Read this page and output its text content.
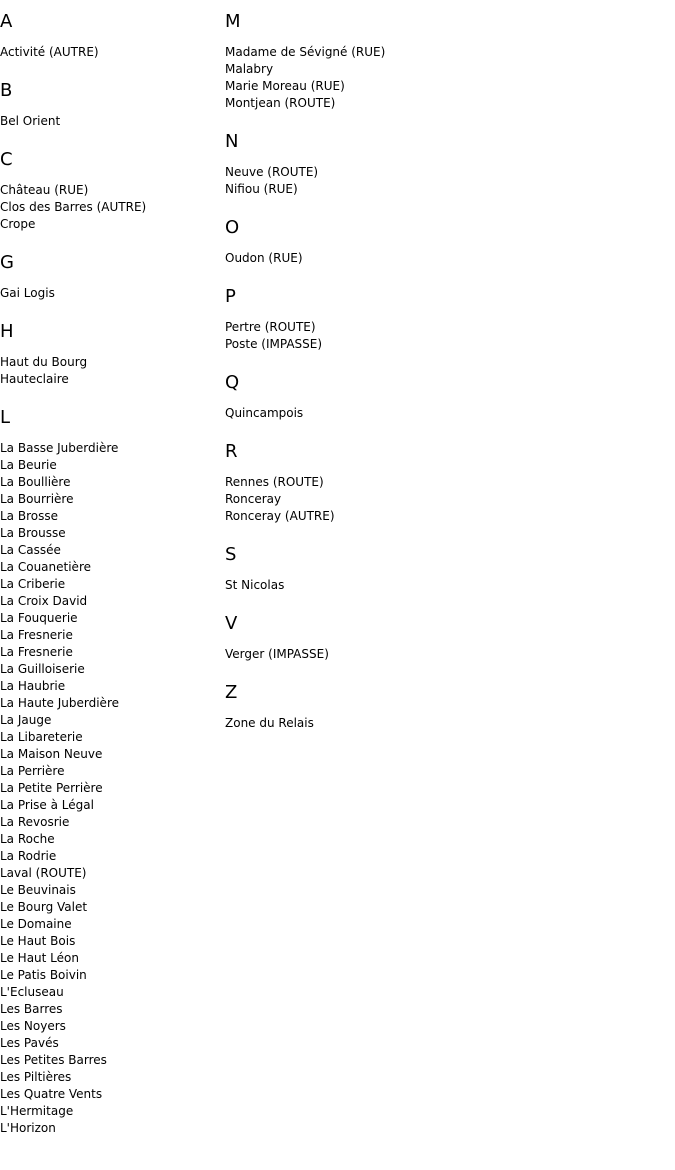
A
Activité (AUTRE)
B
Bel Orient
C
Château (RUE)
Clos des Barres (AUTRE)
Crope
G
Gai Logis
H
Haut du Bourg
Hauteclaire
L
La Basse Juberdière
La Beurie
La Boullière
La Bourrière
La Brosse
La Brousse
La Cassée
La Couanetière
La Criberie
La Croix David
La Fouquerie
La Fresnerie
La Fresnerie
La Guilloiserie
La Haubrie
La Haute Juberdière
La Jauge
La Libareterie
La Maison Neuve
La Perrière
La Petite Perrière
La Prise à Légal
La Revosrie
La Roche
La Rodrie
Laval (ROUTE)
Le Beuvinais
Le Bourg Valet
Le Domaine
Le Haut Bois
Le Haut Léon
Le Patis Boivin
L'Ecluseau
Les Barres
Les Noyers
Les Pavés
Les Petites Barres
Les Piltières
Les Quatre Vents
L'Hermitage
L'Horizon
M
Madame de Sévigné (RUE)
Malabry
Marie Moreau (RUE)
Montjean (ROUTE)
N
Neuve (ROUTE)
Nifiou (RUE)
O
Oudon (RUE)
P
Pertre (ROUTE)
Poste (IMPASSE)
Q
Quincampois
R
Rennes (ROUTE)
Ronceray
Ronceray (AUTRE)
S
St Nicolas
V
Verger (IMPASSE)
Z
Zone du Relais
